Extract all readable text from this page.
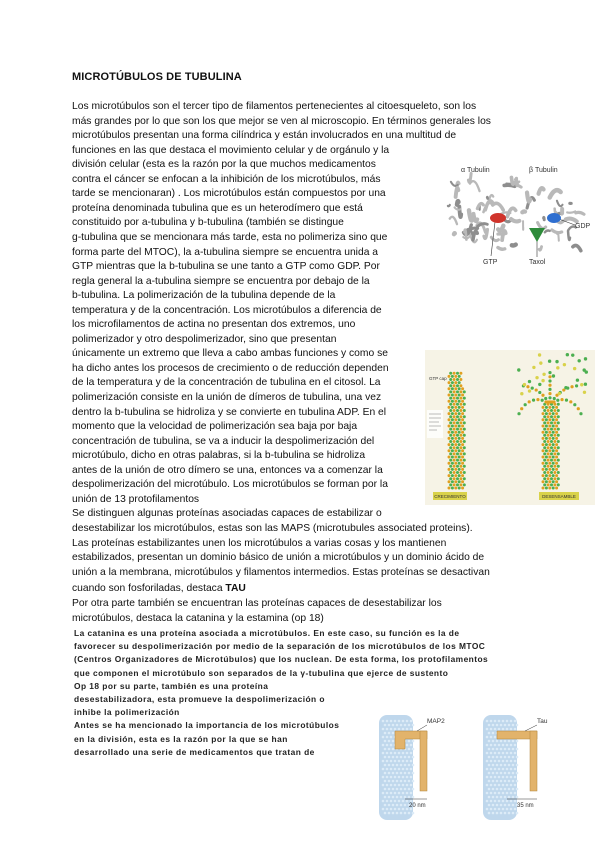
MICROTÚBULOS DE TUBULINA
Los microtúbulos son el tercer tipo de filamentos pertenecientes al citoesqueleto, son los
más grandes por lo que son los que mejor se ven al microscopio. En términos generales los
microtúbulos presentan una forma cilíndrica y están involucrados en una multitud de
funciones en las que destaca el movimiento celular y de orgánulo y la
división celular (esta es la razón por la que muchos medicamentos
contra el cáncer se enfocan a la inhibición de los microtúbulos, más
tarde se mencionaran) . Los microtúbulos están compuestos por una
proteína denominada tubulina que es un heterodímero que está
constituido por a-tubulina y b-tubulina (también se distingue
g-tubulina que se mencionara más tarde, esta no polimeriza sino que
forma parte del MTOC), la a-tubulina siempre se encuentra unida a
GTP mientras que la b-tubulina se une tanto a GTP como GDP. Por
regla general la a-tubulina siempre se encuentra por debajo de la
b-tubulina. La polimerización de la tubulina depende de la
temperatura y de la concentración. Los microtúbulos a diferencia de
los microfilamentos de actina no presentan dos extremos, uno
polimerizador y otro despolimerizador, sino que presentan
únicamente un extremo que lleva a cabo ambas funciones y como se
ha dicho antes los procesos de crecimiento o de reducción dependen
de la temperatura y de la concentración de tubulina en el citosol. La
polimerización consiste en la unión de dímeros de tubulina, una vez
dentro la b-tubulina se hidroliza y se convierte en tubulina ADP. En el
momento que la velocidad de polimerización sea baja por baja
concentración de tubulina, se va a inducir la despolimerización del
microtúbulo, dicho en otras palabras, si la b-tubulina se hidroliza
antes de la unión de otro dímero se una, entonces va a comenzar la
despolimerización del microtúbulo. Los microtúbulos se forman por la
unión de 13 protofilamentos
Se distinguen algunas proteínas asociadas capaces de estabilizar o
desestabilizar los microtúbulos, estas son las MAPS (microtubules associated proteins).
Las proteínas estabilizantes unen los microtúbulos a varias cosas y los mantienen
estabilizados, presentan un dominio básico de unión a microtúbulos y un dominio ácido de
unión a la membrana, microtúbulos y filamentos intermedios. Estas proteínas se desactivan
cuando son fosforiladas, destaca TAU
Por otra parte también se encuentran las proteínas capaces de desestabilizar los
microtúbulos, destaca la catanina y la estamina (op 18)
La catanina es una proteína asociada a microtúbulos. En este caso, su función es la de
favorecer su despolimerización por medio de la separación de los microtúbulos de los MTOC
(Centros Organizadores de Microtúbulos) que los nuclean. De esta forma, los protofilamentos
que componen el microtúbulo son separados de la γ-tubulina que ejerce de sustento
Op 18 por su parte, también es una proteína
desestabilizadora, esta promueve la despolimerización o
inhibe la polimerización
Antes se ha mencionado la importancia de los microtúbulos
en la división, esta es la razón por la que se han
desarrollado una serie de medicamentos que tratan de
α Tubulin	β Tubulin
GDP
GTP	Taxol
GTP cap
CRECIMIENTO	DESENSAMBLE
MAP2
20 nm
Tau
35 nm
